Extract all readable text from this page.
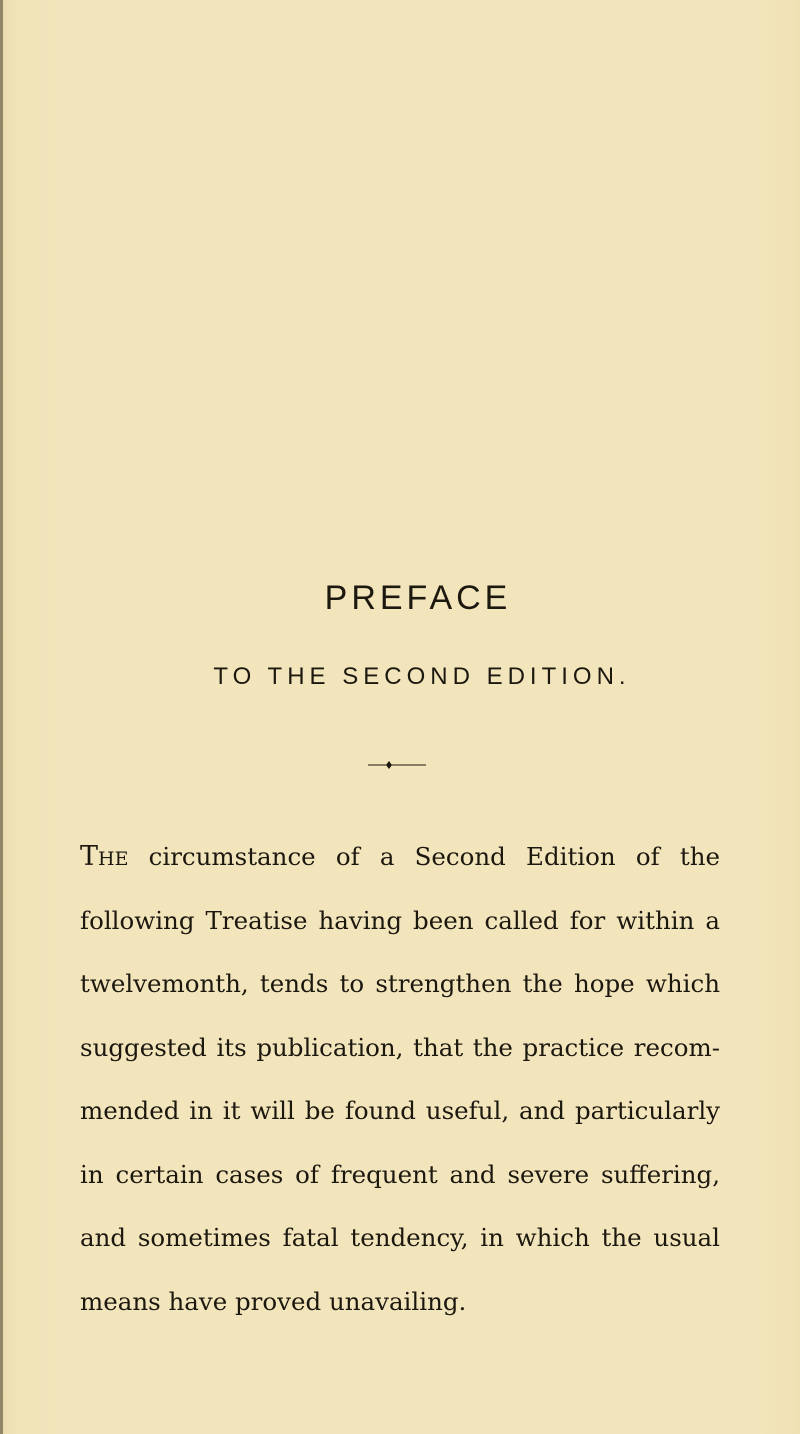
PREFACE
TO THE SECOND EDITION.

The circumstance of a Second Edition of the
following Treatise having been called for within a
twelvemonth, tends to strengthen the hope which
suggested its publication, that the practice recom-
mended in it will be found useful, and particularly
in certain cases of frequent and severe suffering,
and sometimes fatal tendency, in which the usual
means have proved unavailing.
